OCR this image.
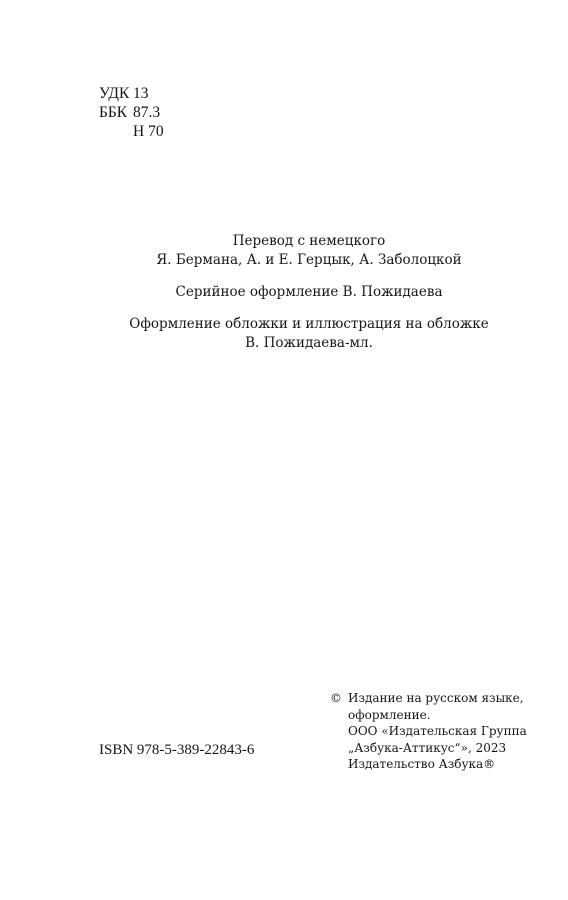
УДК 13
ББК 87.3
Н 70

Перевод с немецкого

Я. Бермана, А. и Е. Герцык, А. Заболоцкой

Серийное оформление В. Пожидаева

Оформление обложки и иллюстрация на обложке

В. Пожидаева-мл.

ISBN 978-5-389-22843-6
© Издание на русском языке,
оформление.
ООО «Издательская Группа
„Азбука-Аттикус“», 2023
Издательство Азбука®
